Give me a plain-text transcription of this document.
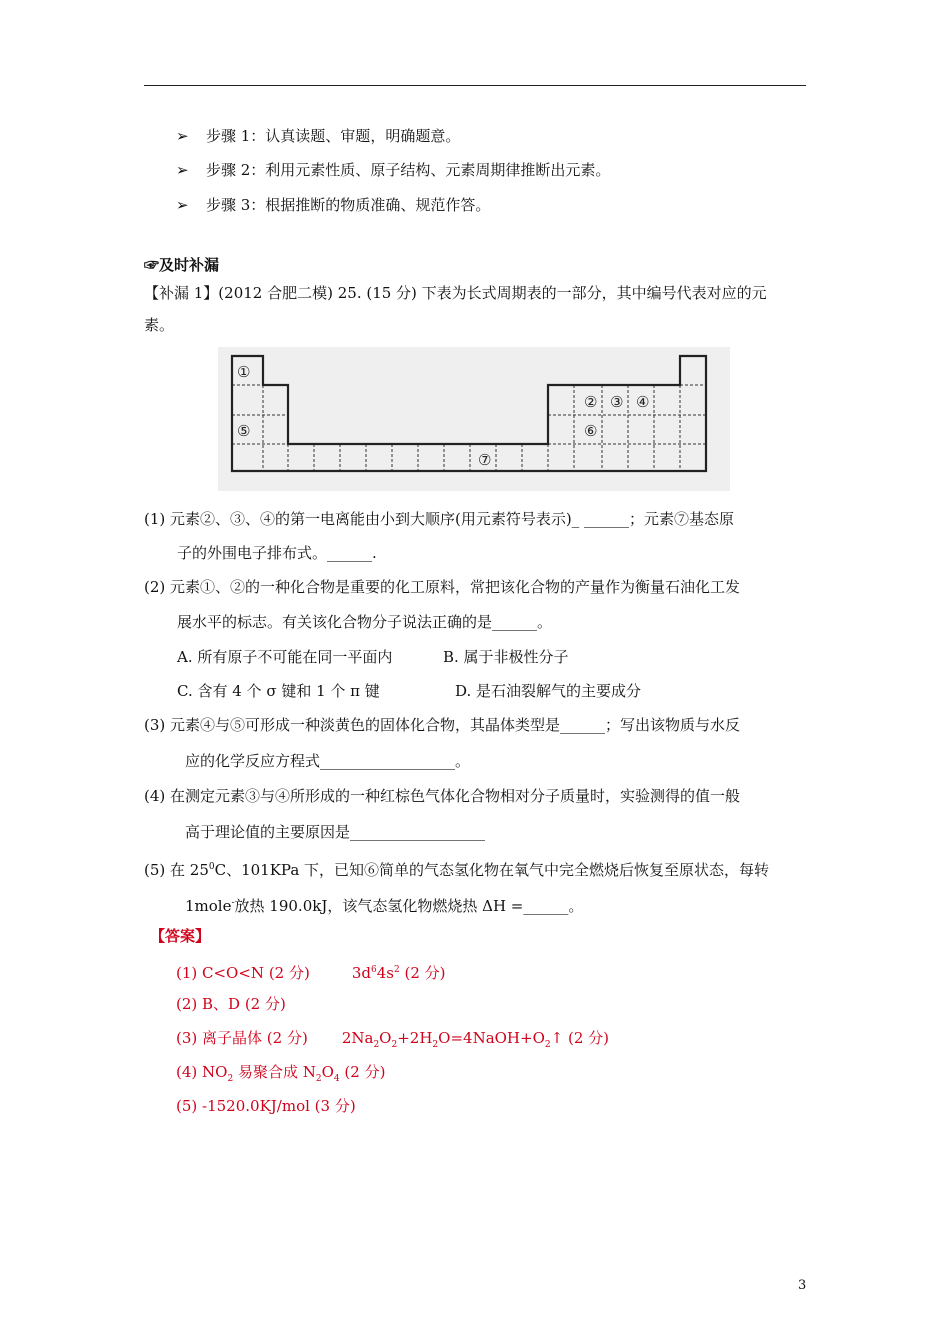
➢ 步骤 1：认真读题、审题，明确题意。
➢ 步骤 2：利用元素性质、原子结构、元素周期律推断出元素。
➢ 步骤 3：根据推断的物质准确、规范作答。
☞及时补漏
【补漏 1】(2012 合肥二模) 25. (15 分) 下表为长式周期表的一部分，其中编号代表对应的元
素。
①
② ③ ④
⑤	⑥
⑦
(1) 元素②、③、④的第一电离能由小到大顺序(用元素符号表示)_ ______；元素⑦基态原
子的外围电子排布式。______.
(2) 元素①、②的一种化合物是重要的化工原料，常把该化合物的产量作为衡量石油化工发
展水平的标志。有关该化合物分子说法正确的是______。
A. 所有原子不可能在同一平面内	B. 属于非极性分子
C. 含有 4 个 σ 键和 1 个 π 键	D. 是石油裂解气的主要成分
(3) 元素④与⑤可形成一种淡黄色的固体化合物，其晶体类型是______；写出该物质与水反
应的化学反应方程式__________________。
(4) 在测定元素③与④所形成的一种红棕色气体化合物相对分子质量时，实验测得的值一般
高于理论值的主要原因是__________________
(5) 在 $25^0C$、101KPa 下，已知⑥简单的气态氢化物在氧气中完全燃烧后恢复至原状态，每转
1mole-放热 190.0kJ，该气态氢化物燃烧热 ΔH =______。
【答案】
(1) C<O<N (2 分)	$3d^64s^2$ (2 分)
(2) B、D (2 分)
(3) 离子晶体 (2 分) $2Na_2O_2+2H_2O=4NaOH+O_2↑$ (2 分)
(4) $NO_2$ 易聚合成 $N_2O_4$ (2 分)
(5) -1520.0KJ/mol (3 分)
3
